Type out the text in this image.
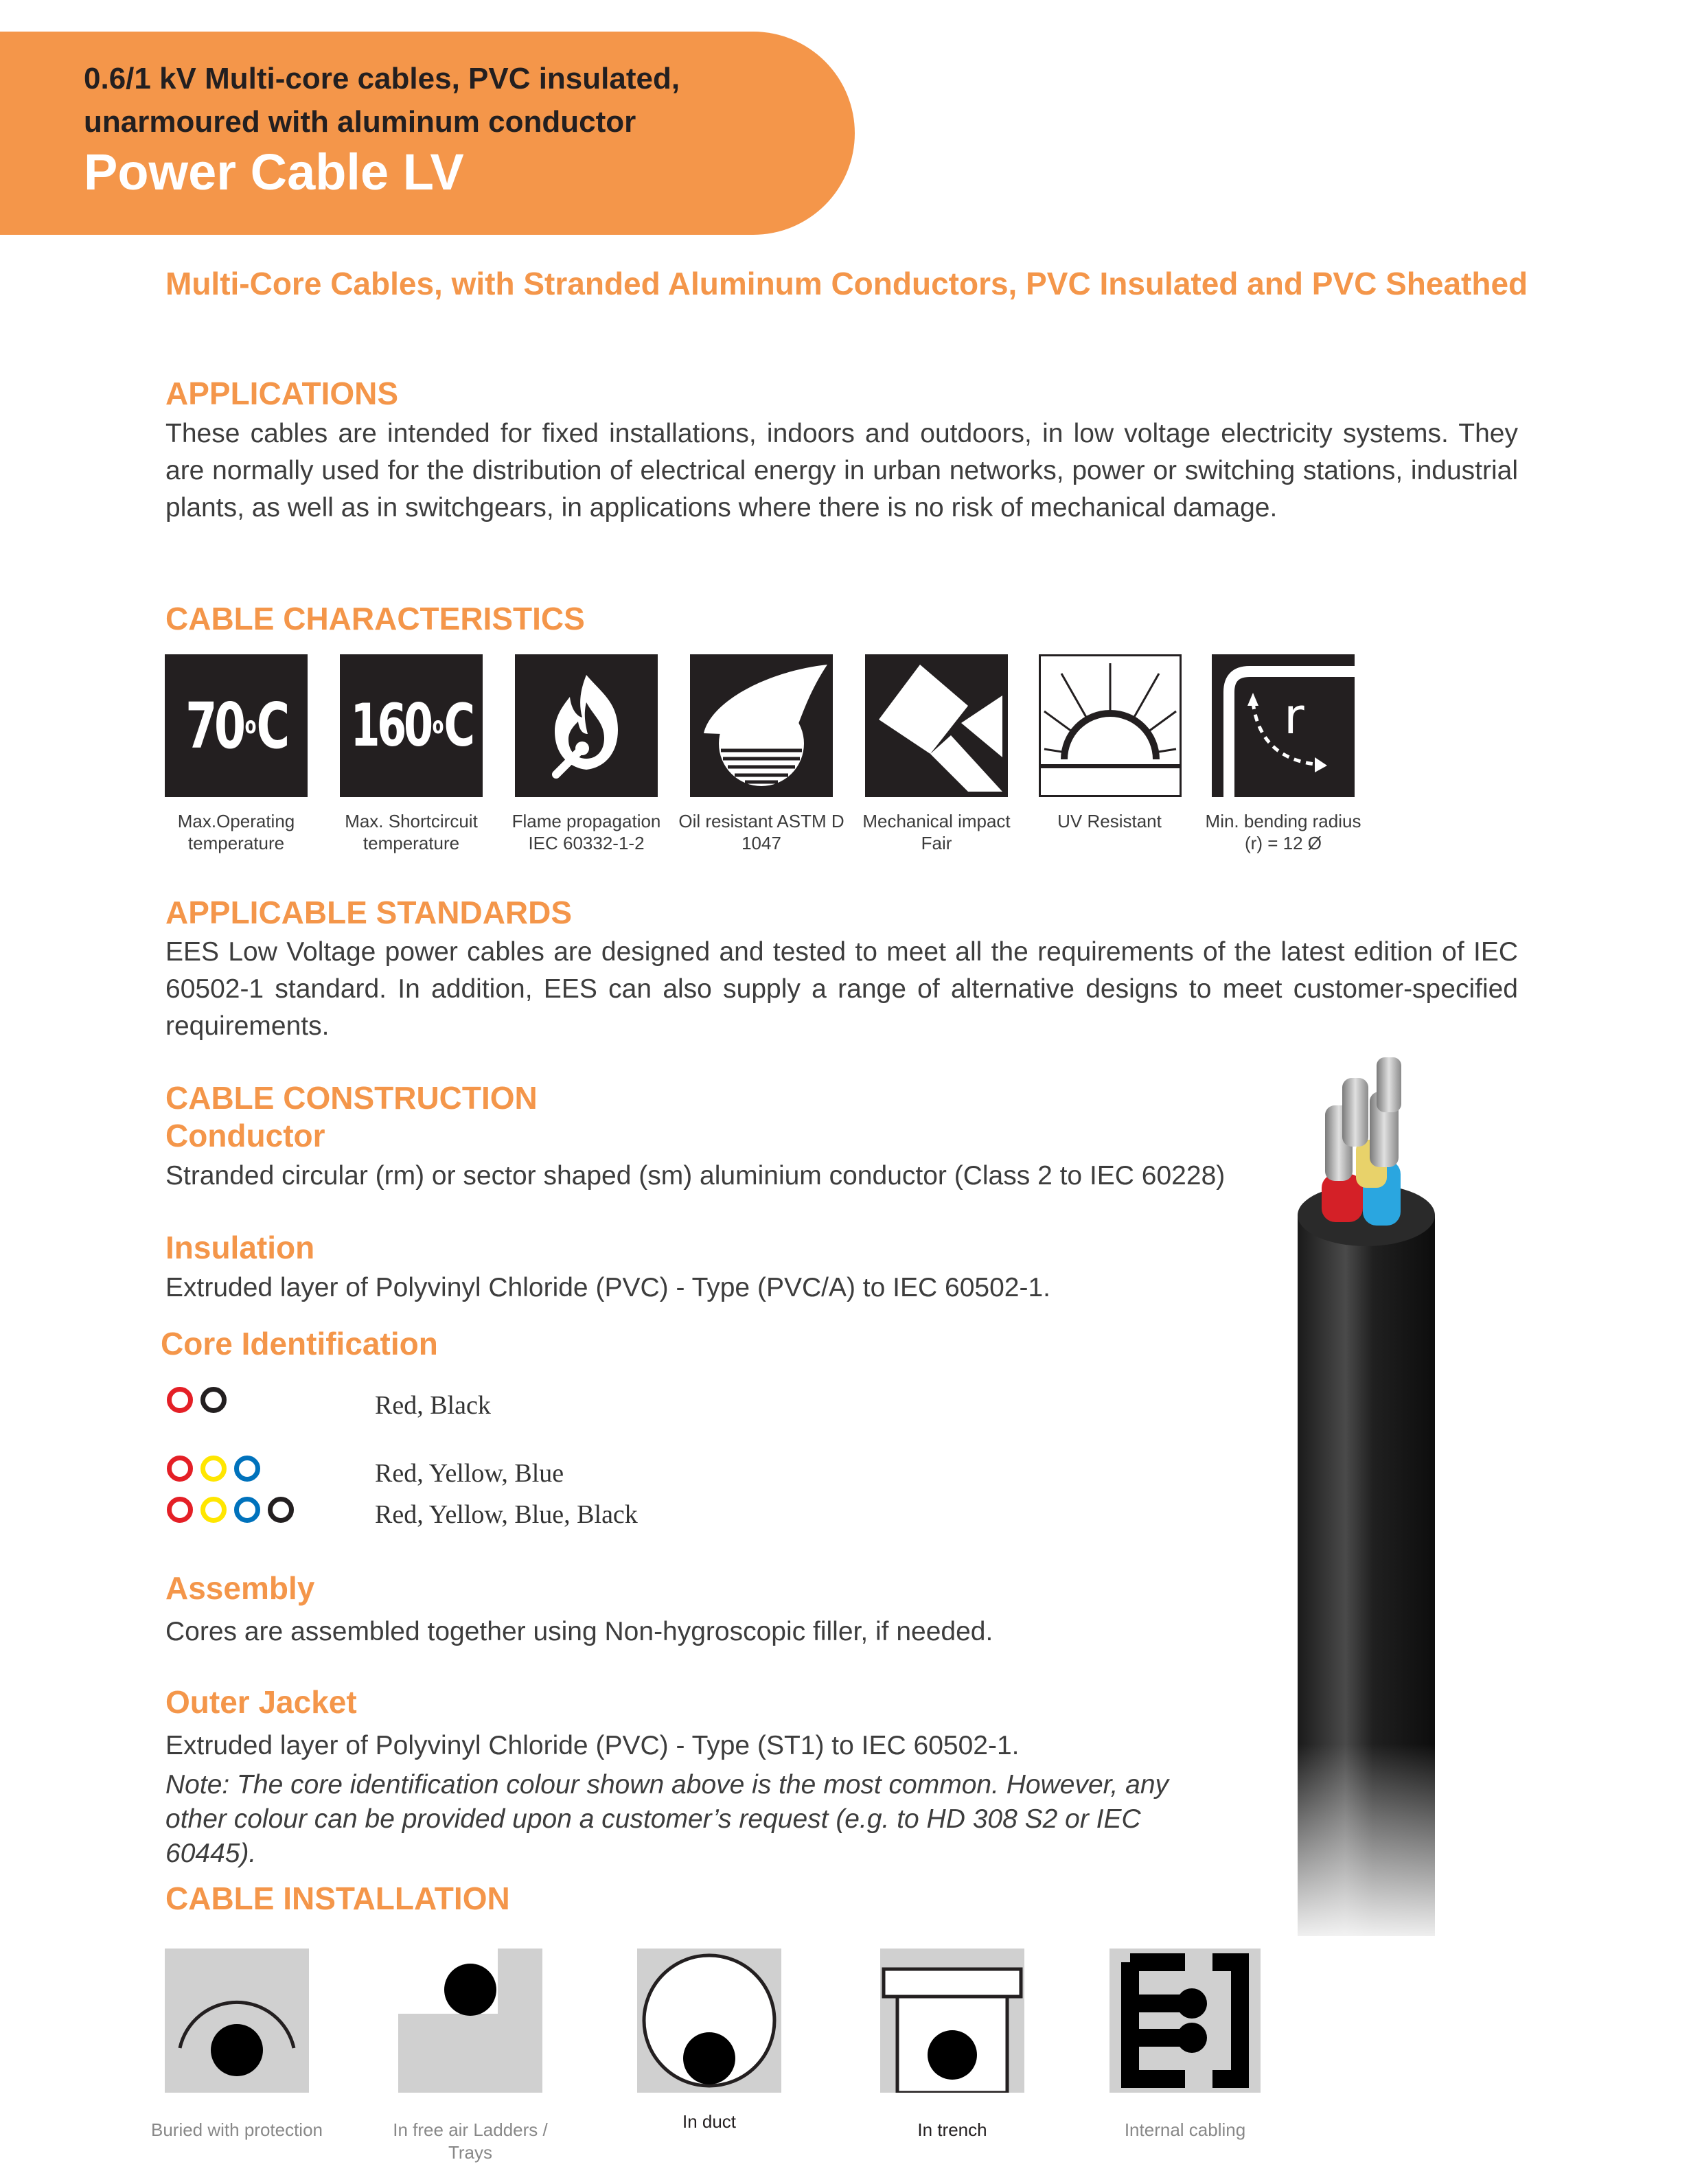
0.6/1 kV Multi-core cables, PVC insulated,
unarmoured with aluminum conductor
Power Cable LV
Multi-Core Cables, with Stranded Aluminum Conductors, PVC Insulated and PVC Sheathed
APPLICATIONS
These cables are intended for fixed installations, indoors and outdoors, in low voltage electricity systems. They are normally used for the distribution of electrical energy in urban networks, power or switching stations, industrial plants, as well as in switchgears, in applications where there is no risk of mechanical damage.
CABLE CHARACTERISTICS
70 o C 160 o C	r
Max.Operating temperature
Max. Shortcircuit temperature
Flame propagation IEC 60332-1-2
Oil resistant ASTM D 1047
Mechanical impact Fair
UV Resistant	Min. bending radius (r) = 12 Ø
APPLICABLE STANDARDS
EES Low Voltage power cables are designed and tested to meet all the requirements of the latest edition of IEC 60502-1 standard. In addition, EES can also supply a range of alternative designs to meet customer-specified requirements.
CABLE CONSTRUCTION
Conductor
Stranded circular (rm) or sector shaped (sm) aluminium conductor (Class 2 to IEC 60228)
Insulation
Extruded layer of Polyvinyl Chloride (PVC) - Type (PVC/A) to IEC 60502-1.
Core Identification
Red, Black
Red, Yellow, Blue
Red, Yellow, Blue, Black
Assembly
Cores are assembled together using Non-hygroscopic filler, if needed.
Outer Jacket
Extruded layer of Polyvinyl Chloride (PVC) - Type (ST1) to IEC 60502-1.
Note: The core identification colour shown above is the most common. However, any other colour can be provided upon a customer’s request (e.g. to HD 308 S2 or IEC 60445).
CABLE INSTALLATION
Buried with protection	In free air Ladders / Trays
In duct	In trench	Internal cabling
